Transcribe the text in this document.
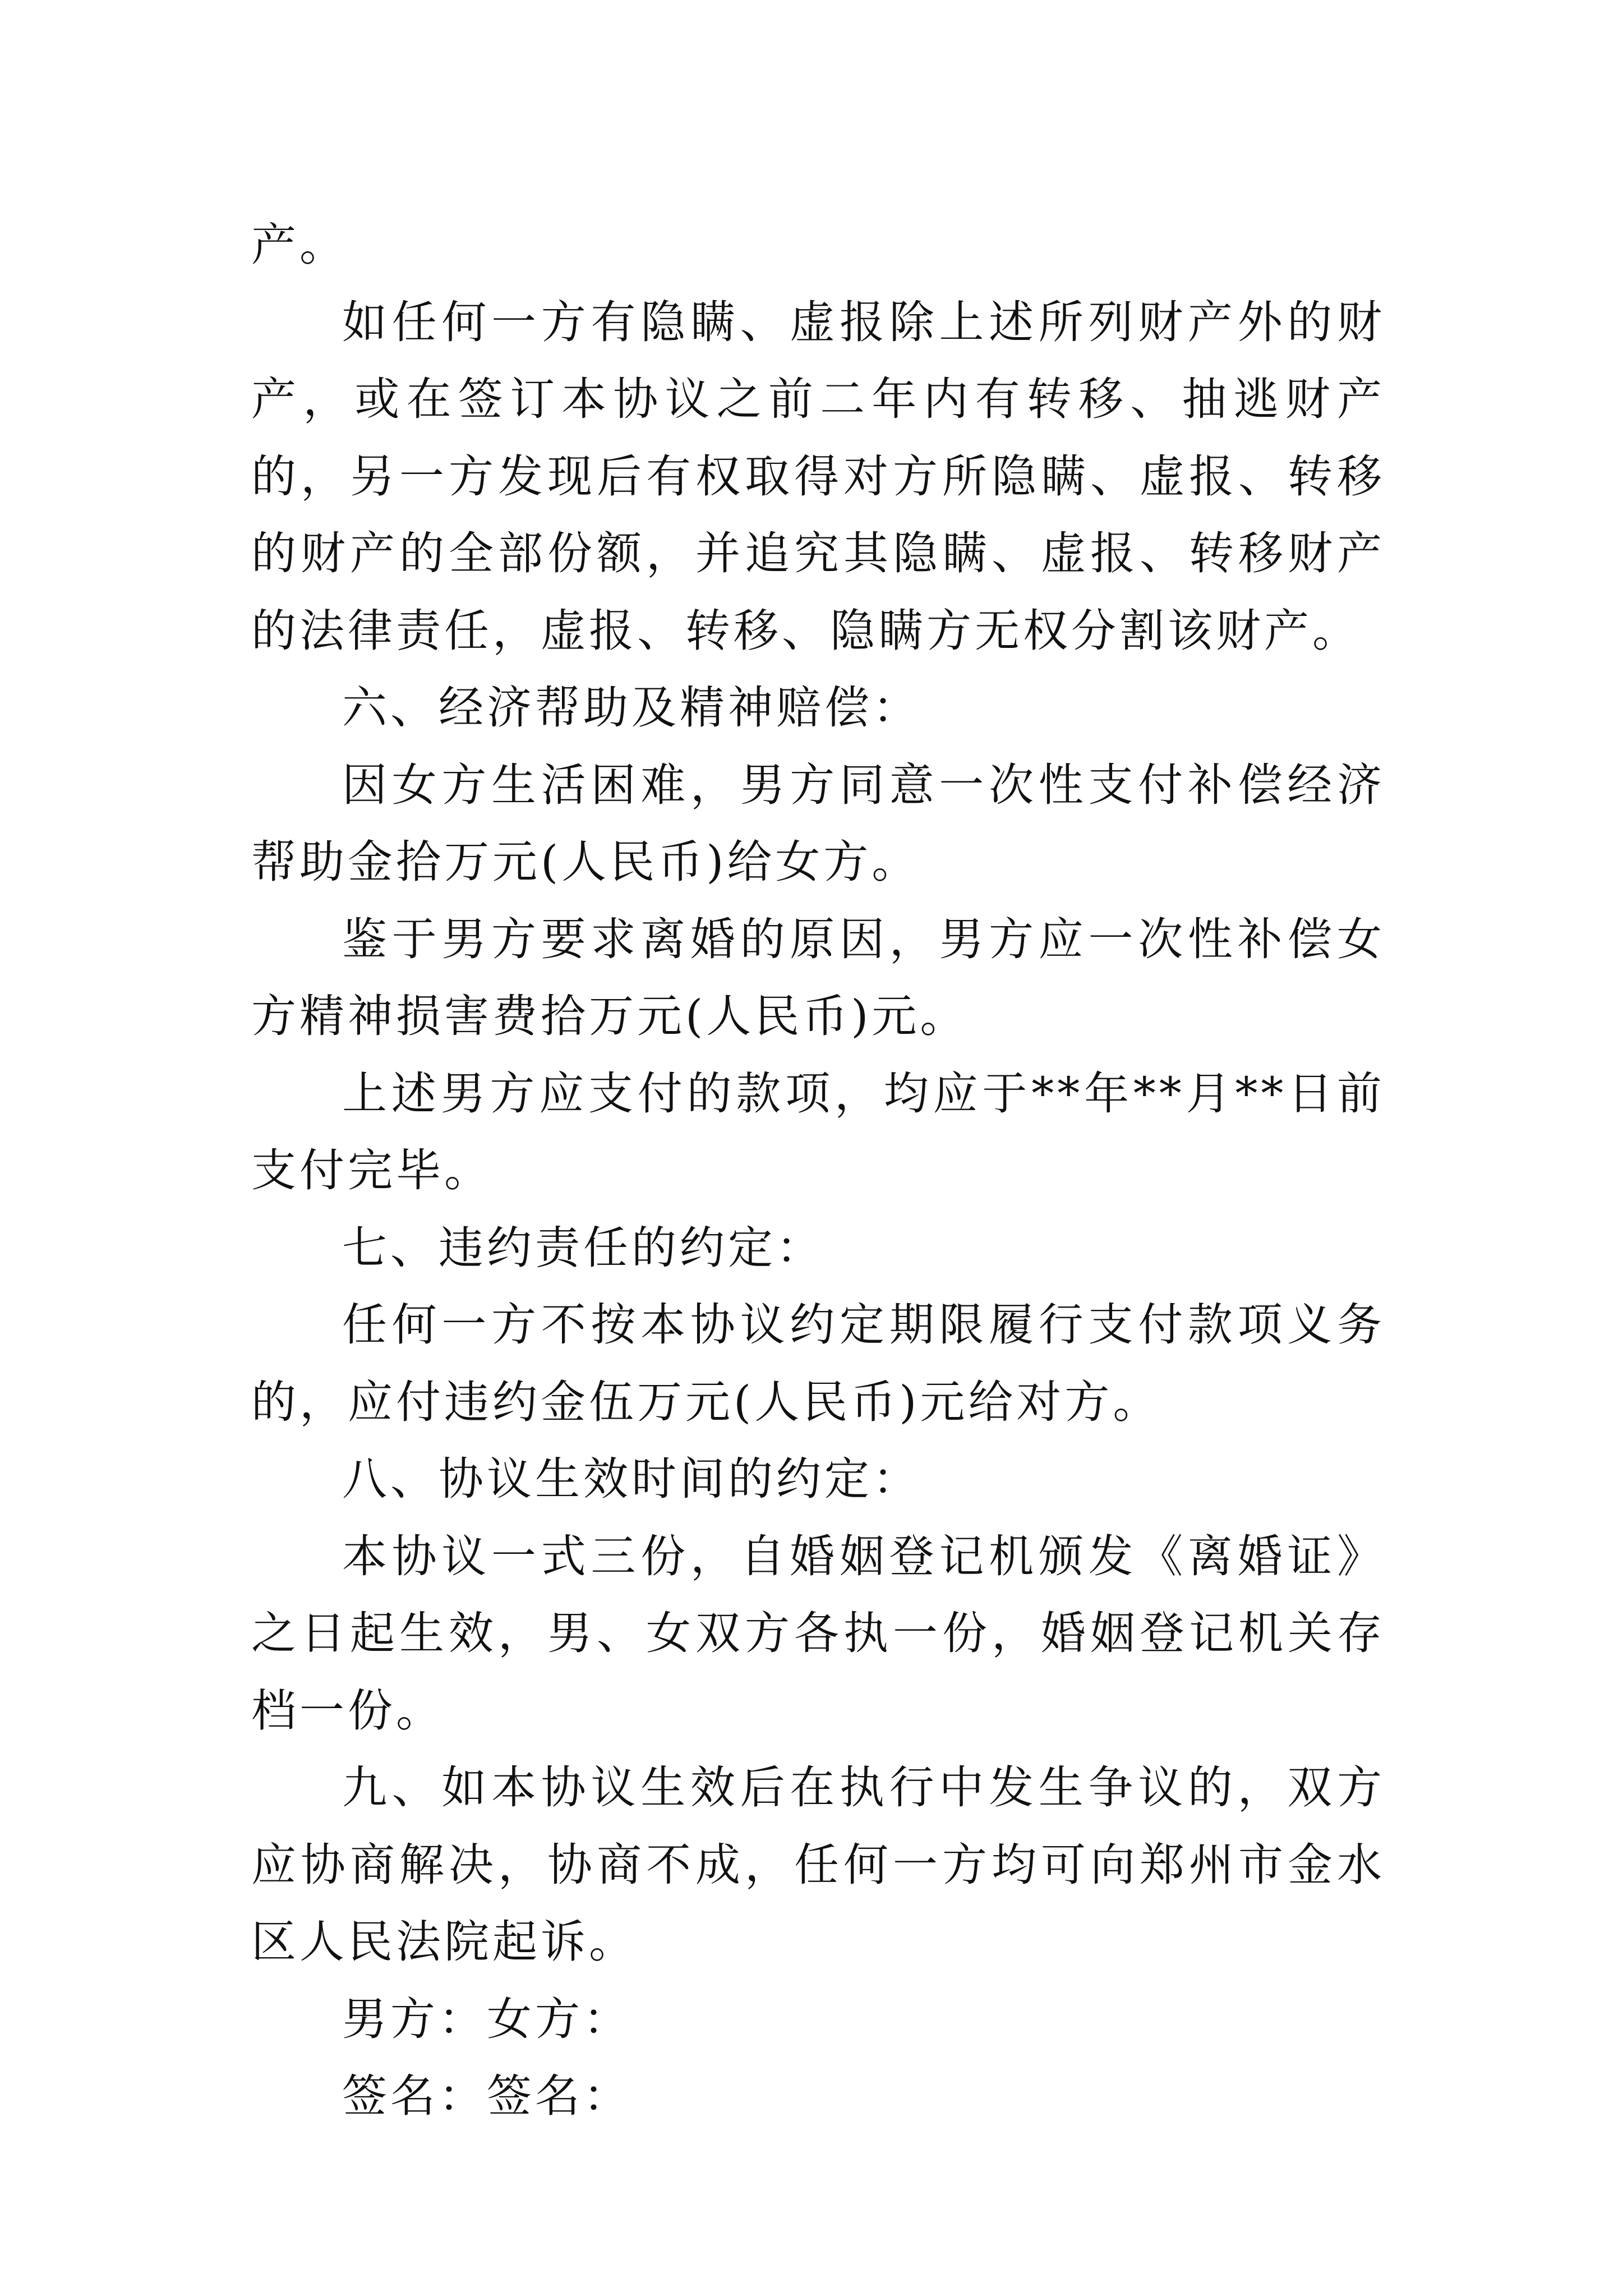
产。

如任何一方有隐瞒、虚报除上述所列财产外的财产，或在签订本协议之前二年内有转移、抽逃财产的，另一方发现后有权取得对方所隐瞒、虚报、转移的财产的全部份额，并追究其隐瞒、虚报、转移财产的法律责任，虚报、转移、隐瞒方无权分割该财产。

六、经济帮助及精神赔偿：

因女方生活困难，男方同意一次性支付补偿经济帮助金拾万元(人民币)给女方。

鉴于男方要求离婚的原因，男方应一次性补偿女方精神损害费拾万元(人民币)元。

上述男方应支付的款项，均应于**年**月**日前支付完毕。

七、违约责任的约定：

任何一方不按本协议约定期限履行支付款项义务的，应付违约金伍万元(人民币)元给对方。

八、协议生效时间的约定：

本协议一式三份，自婚姻登记机颁发《离婚证》之日起生效，男、女双方各执一份，婚姻登记机关存档一份。

九、如本协议生效后在执行中发生争议的，双方应协商解决，协商不成，任何一方均可向郑州市金水区人民法院起诉。

男方：女方：

签名：签名：
